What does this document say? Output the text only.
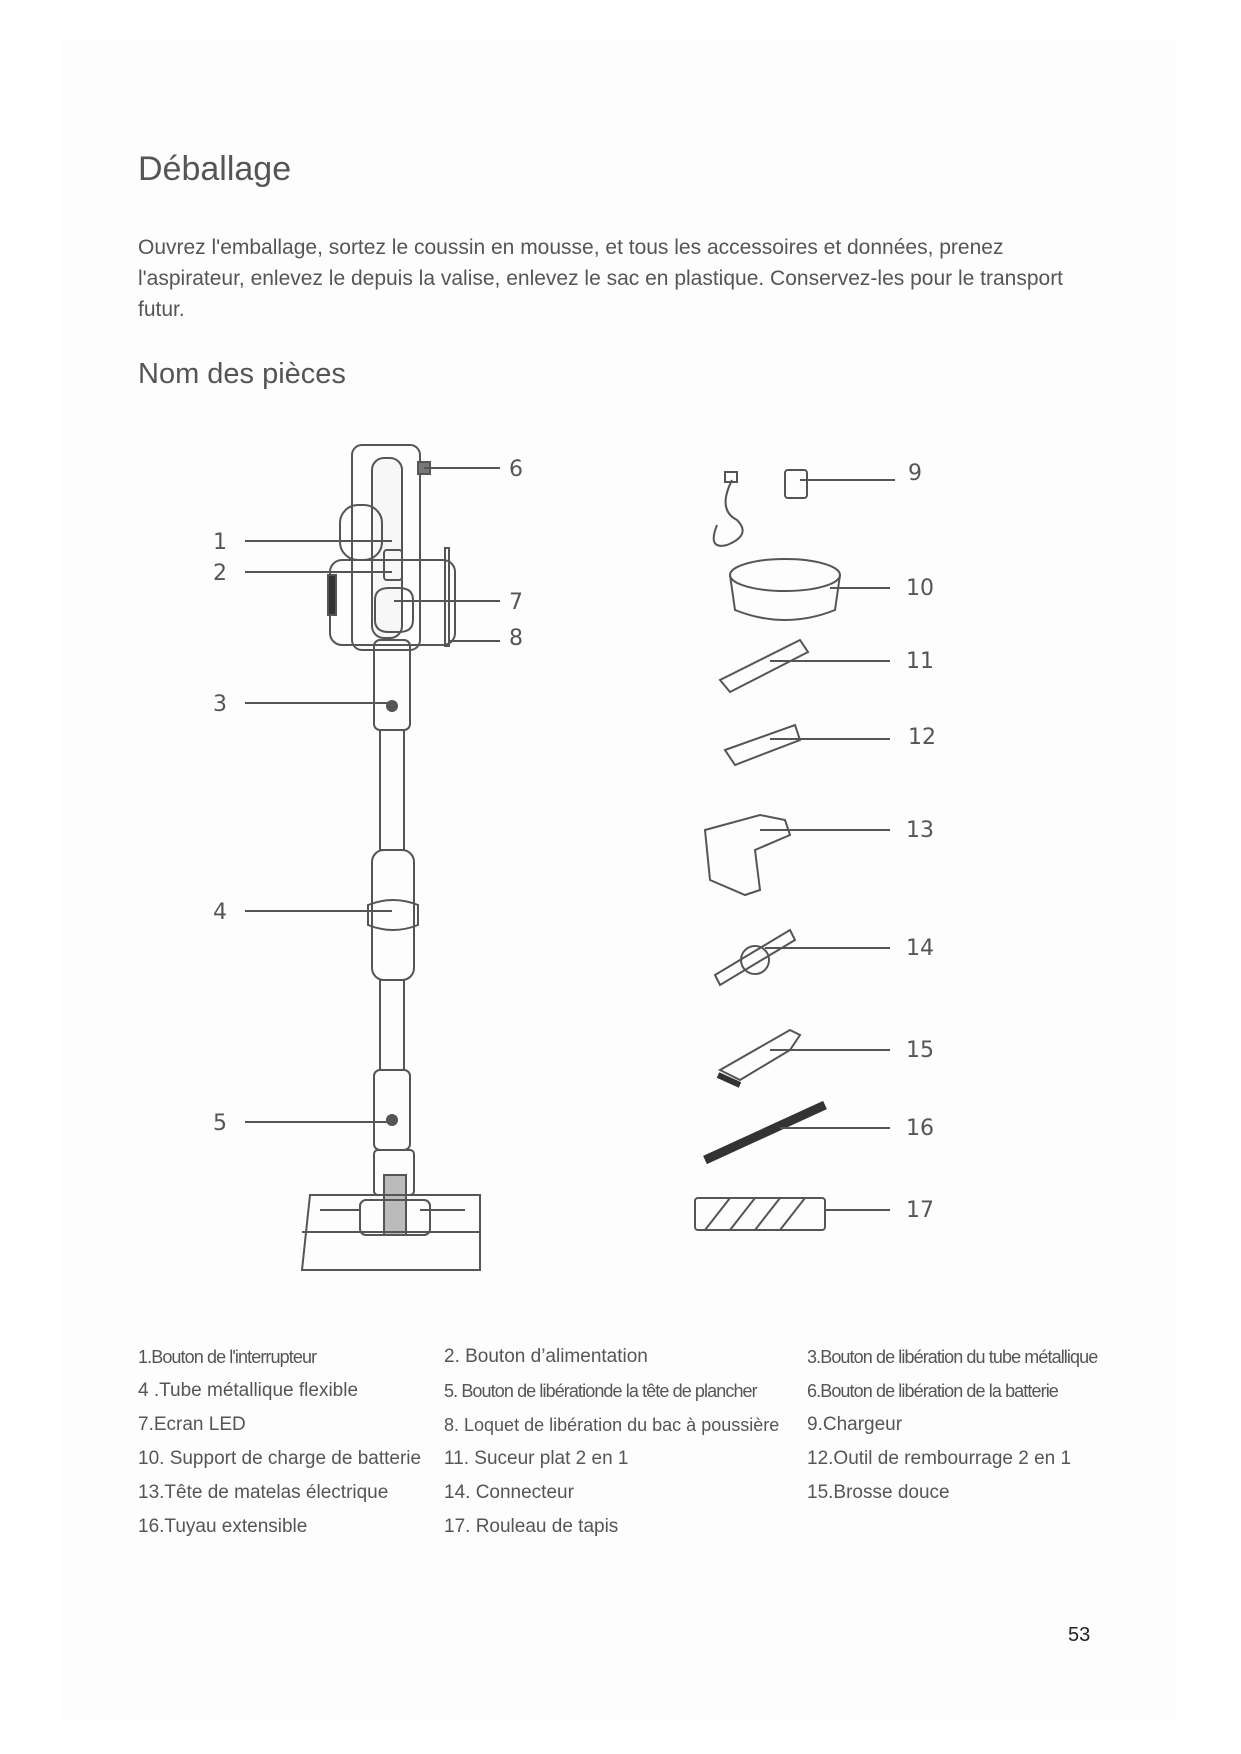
Déballage

Ouvrez l'emballage, sortez le coussin en mousse, et tous les accessoires et données, prenez l'aspirateur, enlevez le depuis la valise, enlevez le sac en plastique. Conservez-les pour le transport futur.

Nom des pièces
1
2
3
4
5
6
7
8
9
10
11
12
13
14
15
16
17
1.Bouton de l'interrupteur	2. Bouton d’alimentation	3.Bouton de libération du tube métallique
4 .Tube métallique flexible	5. Bouton de libérationde la tête de plancher	6.Bouton de libération de la batterie
7.Ecran LED	8. Loquet de libération du bac à poussière	9.Chargeur
10. Support de charge de batterie	11. Suceur plat 2 en 1	12.Outil de rembourrage 2 en 1
13.Tête de matelas électrique	14. Connecteur	15.Brosse douce
16.Tuyau extensible	17. Rouleau de tapis
53
